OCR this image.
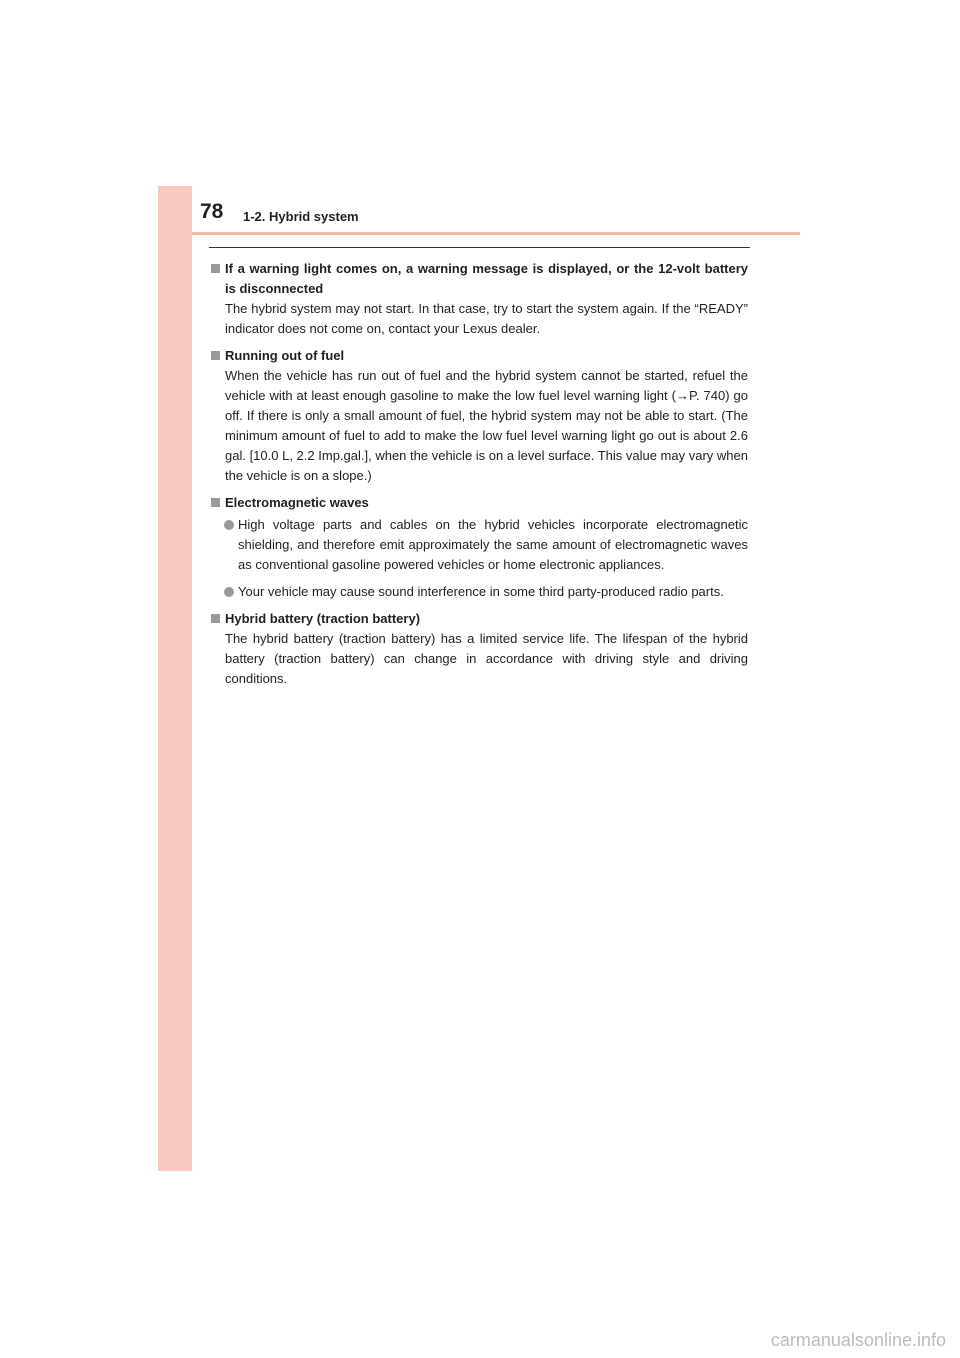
78 1-2. Hybrid system
If a warning light comes on, a warning message is displayed, or the 12-volt battery is disconnected
The hybrid system may not start. In that case, try to start the system again. If the “READY” indicator does not come on, contact your Lexus dealer.
Running out of fuel
When the vehicle has run out of fuel and the hybrid system cannot be started, refuel the vehicle with at least enough gasoline to make the low fuel level warning light (→P. 740) go off. If there is only a small amount of fuel, the hybrid system may not be able to start. (The minimum amount of fuel to add to make the low fuel level warning light go out is about 2.6 gal. [10.0 L, 2.2 Imp.gal.], when the vehicle is on a level surface. This value may vary when the vehicle is on a slope.)
Electromagnetic waves
High voltage parts and cables on the hybrid vehicles incorporate electromagnetic shielding, and therefore emit approximately the same amount of electromagnetic waves as conventional gasoline powered vehicles or home electronic appliances.
Your vehicle may cause sound interference in some third party-produced radio parts.
Hybrid battery (traction battery)
The hybrid battery (traction battery) has a limited service life. The lifespan of the hybrid battery (traction battery) can change in accordance with driving style and driving conditions.
carmanualsonline.info
